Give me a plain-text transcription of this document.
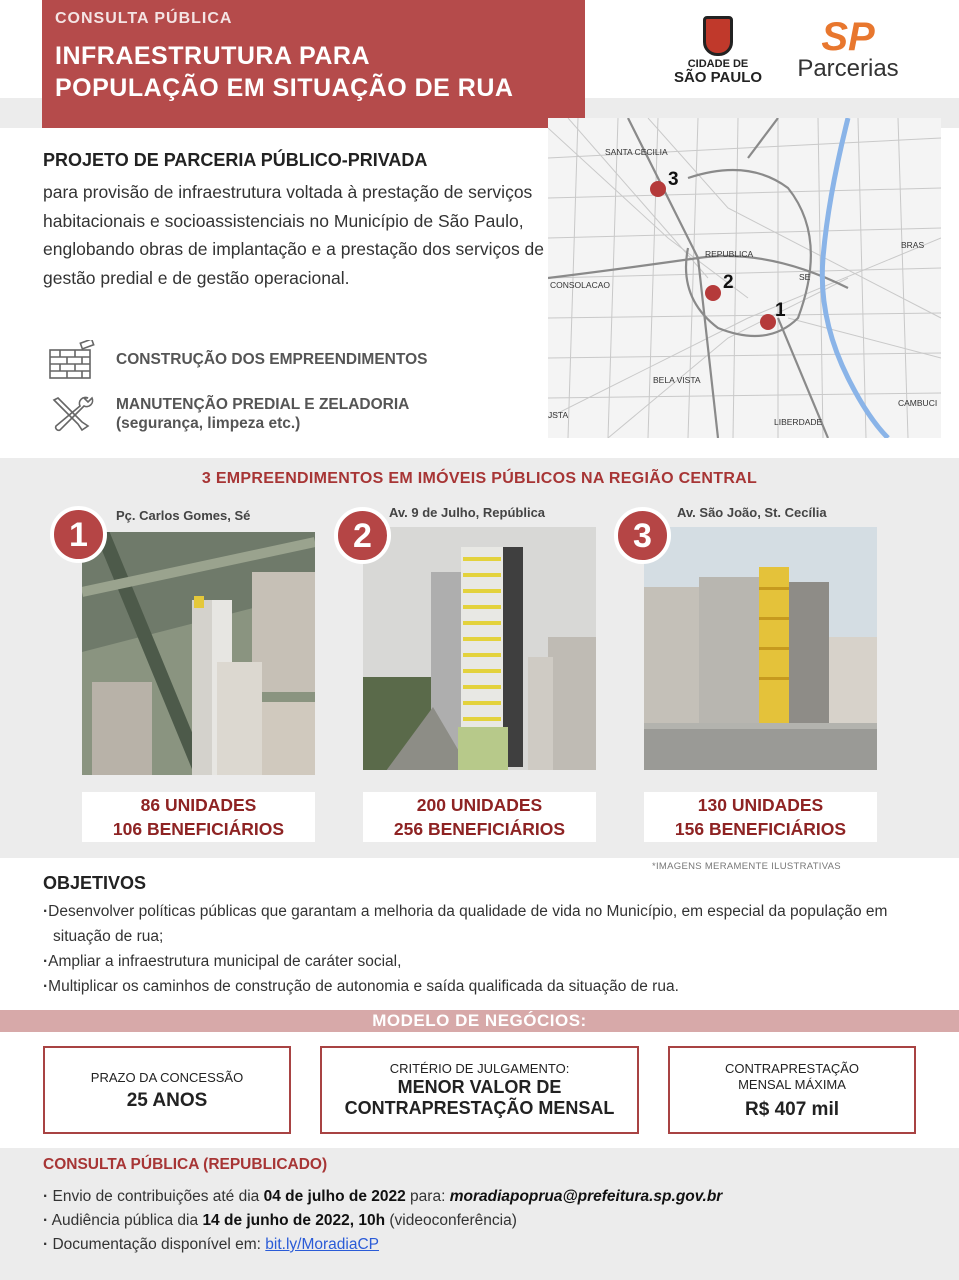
CONSULTA PÚBLICA
INFRAESTRUTURA PARA
POPULAÇÃO EM SITUAÇÃO DE RUA
CIDADE DE
SÃO PAULO
SP
Parcerias
PROJETO DE PARCERIA PÚBLICO-PRIVADA
para provisão de infraestrutura voltada à prestação de serviços habitacionais e socioassistenciais no Município de São Paulo, englobando obras de implantação e a prestação dos serviços de gestão predial e de gestão operacional.
CONSTRUÇÃO DOS EMPREENDIMENTOS
MANUTENÇÃO PREDIAL E ZELADORIA
(segurança, limpeza etc.)
SANTA CECILIA
REPUBLICA
BRAS
SE
CONSOLACAO
BELA VISTA
CAMBUCI
LIBERDADE
JSTA
3
2
1
3 EMPREENDIMENTOS EM IMÓVEIS PÚBLICOS NA REGIÃO CENTRAL
Pç. Carlos Gomes, Sé
1
86 UNIDADES
106 BENEFICIÁRIOS
Av. 9 de Julho, República
2
200 UNIDADES
256 BENEFICIÁRIOS
Av. São João, St. Cecília
3
130 UNIDADES
156 BENEFICIÁRIOS
*IMAGENS MERAMENTE ILUSTRATIVAS
OBJETIVOS
· Desenvolver políticas públicas que garantam a melhoria da qualidade de vida no Município, em especial da população em situação de rua;
· Ampliar a infraestrutura municipal de caráter social,
· Multiplicar os caminhos de construção de autonomia e saída qualificada da situação de rua.
MODELO DE NEGÓCIOS:
PRAZO DA CONCESSÃO
25 ANOS
CRITÉRIO DE JULGAMENTO:
MENOR VALOR DE CONTRAPRESTAÇÃO MENSAL
CONTRAPRESTAÇÃO MENSAL MÁXIMA
R$ 407 mil
CONSULTA PÚBLICA (REPUBLICADO)
· Envio de contribuições até dia 04 de julho de 2022 para: moradiapoprua@prefeitura.sp.gov.br
· Audiência pública dia 14 de junho de 2022, 10h (videoconferência)
· Documentação disponível em: bit.ly/MoradiaCP
